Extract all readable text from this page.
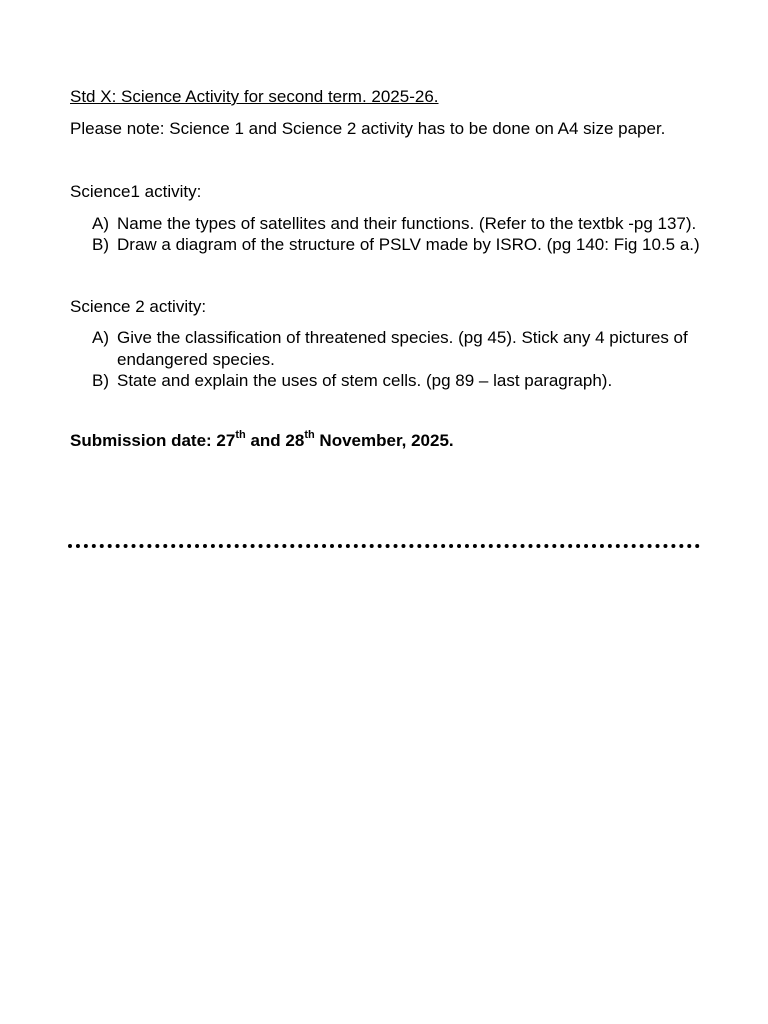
Std X: Science Activity for second term. 2025-26.

Please note: Science 1 and Science 2 activity has to be done on A4 size paper.

Science1 activity:

A) Name the types of satellites and their functions. (Refer to the textbk -pg 137).
B) Draw a diagram of the structure of PSLV made by ISRO. (pg 140: Fig 10.5 a.)

Science 2 activity:

A) Give the classification of threatened species. (pg 45). Stick any 4 pictures of endangered species.
B) State and explain the uses of stem cells. (pg 89 – last paragraph).

Submission date: 27th and 28th November, 2025.
